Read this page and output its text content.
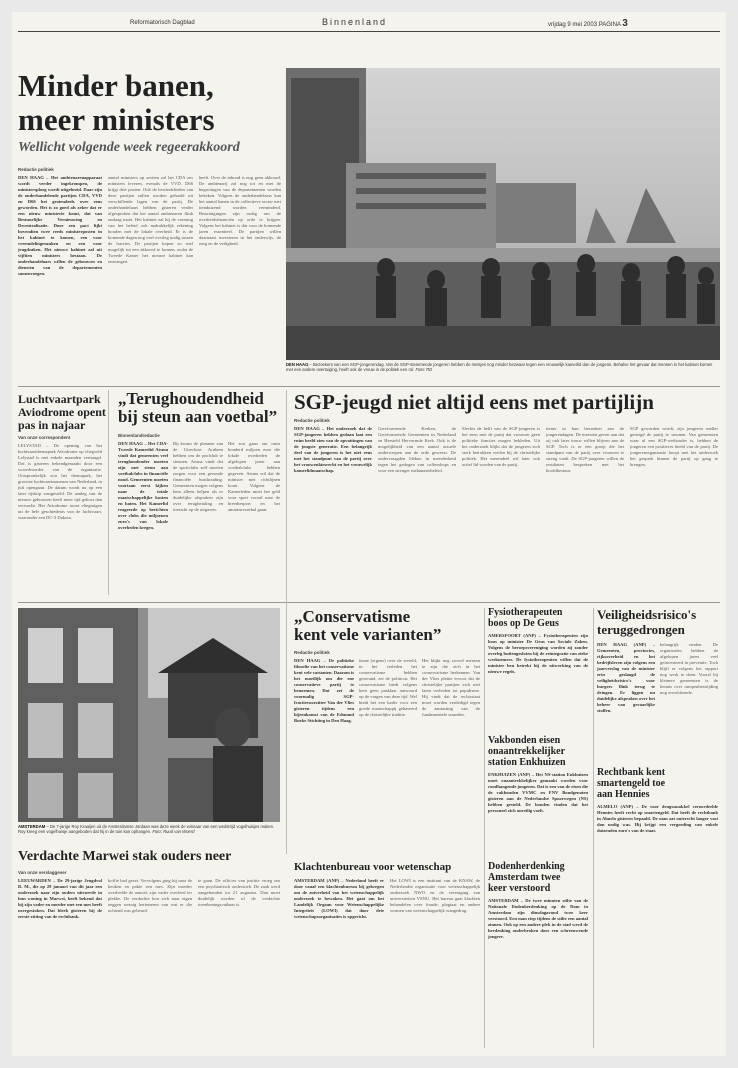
Reformatorisch Dagblad	Binnenland	vrijdag 9 mei 2003 PAGINA 3
Minder banen,
meer ministers
Wellicht volgende week regeerakkoord
Redactie politiek

DEN HAAG – Het ambtenarenapparaat wordt verder ingekrompen, de ministersploeg wordt uitgebreid. Daar zijn de onderhandelende partijen CDA, VVD en D66 het grotendeels over eens geworden. Het is zo goed als zeker dat er een nieuw ministerie komt, dat van Bestuurlijke Vernieuwing en Decentralisatie. Door een pact lijkt bovendien twee reeds ministerposten in het kabinet te komen, een voor vreemdelingenzaken en een voor jeugdzaken. Het nieuwe kabinet zal uit vijftien ministers bestaan. De onderhandelaars willen de gebouwen en diensten van de departementen samenvoegen.

aantal ministers op zestien zal het CDA zes ministers leveren, evenals de VVD. D66 krijgt drie posten. Ook de bewindslieden van deze partijen zullen worden gehaald uit verschillende lagen van de partij. De onderhandelaars hebben gisteren verder afgesproken dat het aantal ambtenaren flink omlaag moet. Het kabinet zal bij de vorming van het beleid ook nadrukkelijk rekening houden met de lokale overheid. Er is de komende dagen nog veel overleg nodig tussen de fracties. De partijen hopen zo snel mogelijk tot een akkoord te komen, zodat de Tweede Kamer het nieuwe kabinet kan ontvangen.

heeft. Over de inhoud is nog geen akkoord. De ambtenarij zal nog tot en met de begrotingen van de departementen worden bekeken. Volgens de onderhandelaars kan het aantal banen in de collectieve sector met tienduizend worden verminderd. Bezuinigingen zijn nodig om de overheidsfinanciën op orde te krijgen. Volgens het kabinet is dat voor de komende jaren essentieel. De partijen willen daarnaast investeren in het onderwijs, de zorg en de veiligheid.

DEN HAAG – Bezoekers van een SGP-jongerendag. Van de SGP-stemmende jongeren hebben de meisjes nog minder bezwaar tegen een vrouwelijk kamerlid dan de jongens. Behalve het gevaar dat mensen in het kabinet komen met een andere overtuiging, heeft ook de vrouw in de politiek een rol. Foto: RD
Luchtvaartpark
Aviodrome opent
pas in najaar
Van onze correspondent

LELYSTAD – De opening van het luchtvaartthemapark Aviodrome op vliegveld Lelystad is met enkele maanden vertraagd. Dat is gisteren bekendgemaakt door een woordvoerder van de organisatie. Oorspronkelijk zou het themapark, het grootste luchtvaartmuseum van Nederland, in juli opengaan. De datum wordt nu op een later tijdstip vastgesteld. De aanleg van de nieuwe gebouwen heeft meer tijd gekost dan verwacht. Het Aviodrome toont vliegtuigen uit de hele geschiedenis van de luchtvaart, waaronder een DC-3 Dakota.

„Terughoudendheid
bij steun aan voetbal”
Binnenlandredactie

DEN HAAG – Het CDA-Tweede Kamerlid Atsma vindt dat gemeenten veel terughoudender moeten zijn met steun aan voetbalclubs in financiële nood. Gemeenten moeten voortaan eerst kijken naar de totale maatschappelijke kosten en baten. Het Kamerlid reageerde op berichten over clubs die miljoenen euro's van lokale overheden kregen.

Bij kwam de plannen van de Utrechtse Arnhem hebben om de profclub te steunen. Atsma vindt dat de sportclubs zelf moeten zorgen voor een gezonde financiële huishouding. Gemeenten mogen volgens hem alleen helpen als er duidelijke afspraken zijn over terugbetaling en toezicht op de uitgaven.

Het zou gaan om ruim honderd miljoen euro die lokale overheden de afgelopen jaren aan voetbalclubs hebben gegeven. Atsma wil dat de minister met richtlijnen komt. Volgens de Kamerleden moet het geld voor sport vooral naar de breedtesport en het amateurvoetbal gaan.

SGP-jeugd niet altijd eens met partijlijn
Redactie politiek

DEN HAAG – Het onderzoek dat de SGP-jongeren hebben gedaan laat een ruim beeld zien van de opvattingen van de jongste generatie. Een belangrijk deel van de jongeren is het niet eens met het standpunt van de partij over het vrouwenkiesrecht en het vrouwelijk kamerlidmaatschap.

Gereformeerde Kerken, de Gereformeerde Gemeenten in Nederland en Hersteld Hervormde Kerk. Ook is de mogelijkheid van een aantal actuele onderwerpen aan de orde geweest. De ondervraagden bleken in meerderheid tegen het gedogen van coffeeshops en voor een strenger euthanasiebeleid.

Slechts de helft van de SGP-jongeren is het eens met de partij dat vrouwen geen politieke functies mogen bekleden. Uit het onderzoek blijkt dat de jongeren zich sterk betrokken voelen bij de christelijke politiek. Het merendeel wil later ook actief lid worden van de partij.

tiener in hun bezoeken aan de jongerendagen. De meesten geven aan dat zij ook later trouw willen blijven aan de SGP. Toch is er een groep die het standpunt van de partij over vrouwen te streng vindt. De SGP-jongeren willen de resultaten bespreken met het hoofdbestuur.

SGP geworden wordt, zijn jongeren sneller geneigd de partij te steunen. Van gemeenten waar al een SGP-wethouder is, hebben de jongeren een positiever beeld van de partij. De jongerenorganisatie hoopt met het onderzoek het gesprek binnen de partij op gang te brengen.

AMSTERDAM – De 7-jarige Roy Kraaijen uit de Amsterdamse Jordaan was deze week de winnaar van een wedstrijd vogelhuisjes maken. Roy kreeg een vogelhuisje aangeboden dat hij in de tuin kan ophangen. Foto: Ruud van Woerd
„Conservatisme
kent vele varianten”
Redactie politiek

DEN HAAG – De politieke filosofie van het conservatisme kent vele varianten. Daarom is het moeilijk om die ene conservatieve partij te benoemen. Dat zei de voormalig SGP-fractievoorzitter Van der Vlies gisteren tijdens een bijeenkomst van de Edmund Burke Stichting in Den Haag.

tisme (ergens) over de wereld, in het verleden het conservatisme hebben gesteund, zei de politicus. Het conservatisme biedt volgens hem geen pasklaar antwoord op de vragen van deze tijd. Wel biedt het een kader voor een goede maatschappij gebaseerd op de christelijke traditie.

Het blijkt nog zoveel mensen te zijn die zich in het conservatisme herkennen. Van der Vlies pleitte ervoor dat de christelijke partijen zich niet laten verleiden tot populisme. Hij vindt dat de rechtsstaat moet worden verdedigd tegen de aantasting van de fundamentele waarden.

Fysiotherapeuten
boos op De Geus

AMERSFOORT (ANP) – Fysiotherapeuten zijn boos op minister De Geus van Sociale Zaken. Volgens de beroepsvereniging worden zij zonder overleg buitengesloten bij de reintegratie van zieke werknemers. De fysiotherapeuten willen dat de minister hen betrekt bij de uitwerking van de nieuwe regels.

Vakbonden eisen
onaantrekkelijker
station Enkhuizen

ENKHUIZEN (ANP) – Het NS-station Enkhuizen moet onaantrekkelijker gemaakt worden voor rondhangende jongeren. Dat is een van de eisen die de vakbonden VVMC en FNV Bondgenoten gisteren aan de Nederlandse Spoorwegen (NS) hebben gesteld. De bonden vinden dat het personeel zich onveilig voelt.

Veiligheidsrisico's
teruggedrongen

DEN HAAG (ANP) – Gemeenten, provincies, rijksoverheid en het bedrijfsleven zijn volgens een jaarverslag van de minister erin geslaagd de veiligheidsrisico's voor burgers flink terug te dringen. Er liggen nu duidelijke afspraken over het beheer van gevaarlijke stoffen.

belangrijk vinden. De organisaties hebben de afgelopen jaren veel geïnvesteerd in preventie. Toch blijft er volgens het rapport nog werk te doen. Vooral bij kleinere gemeenten is de kennis over rampenbestrijding nog onvoldoende.

Klachtenbureau voor wetenschap

AMSTERDAM (ANP) – Nederland heeft er door vanaf een klachtenbureau bij gekregen om de zuiverheid van het wetenschappelijk onderzoek te bewaken. Het gaat om het Landelijk Orgaan voor Wetenschappelijke Integriteit (LOWI) dat door drie wetenschapsorganisaties is opgericht.

Het LOWI is een instituut van de KNAW, de Nederlandse organisatie voor wetenschappelijk onderzoek NWO en de vereniging van universiteiten VSNU. Het bureau gaat klachten behandelen over fraude, plagiaat en andere vormen van wetenschappelijk wangedrag.

Verdachte Marwei stak ouders neer
Van onze verslaggever

LEEUWARDEN – De 29-jarige Jeugdvol R. M., die op 29 januari van dit jaar een onderzoek naar zijn ouders uitvoerde in hun woning in Marwei, heeft bekend dat hij zijn vader en moeder met een mes heeft neergestoken. Dat bleek gisteren bij de eerste zitting van de rechtbank.

koffie had gezet. Vervolgens ging hij naar de keuken en pakte een mes. Zijn moeder overleefde de aanval, zijn vader overleed ter plekke. De verdachte kon zich naar eigen zeggen weinig herinneren van wat er die ochtend was gebeurd.

te gaan. De officier van justitie vroeg om een psychiatrisch onderzoek. De zaak werd aangehouden tot 21 augustus. Dan moet duidelijk worden of de verdachte toerekeningsvatbaar is.

Dodenherdenking
Amsterdam twee
keer verstoord

AMSTERDAM – De twee minuten stilte van de Nationale Dodenherdenking op de Dam in Amsterdam zijn dinsdagavond twee keer verstoord. Een man riep tijdens de stilte een aantal zinnen. Ook op een andere plek in de stad werd de herdenking onderbroken door een schreeuwende jongere.

Rechtbank kent
smartengeld toe
aan Hennies

ALMELO (ANP) – De voor drugssmokkel veroordeelde Hennies heeft recht op smartengeld. Dat heeft de rechtbank in Almelo gisteren bepaald. De man zat onterecht langer vast dan nodig was. Hij krijgt een vergoeding van enkele duizenden euro's van de staat.
